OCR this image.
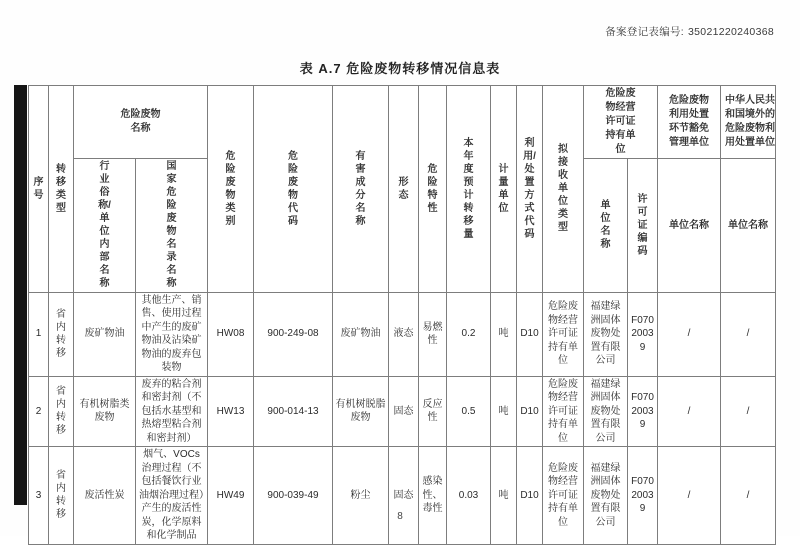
备案登记表编号: 35021220240368
表 A.7 危险废物转移情况信息表
序号	转移类型	危险废物名称		危险废物类别	危险废物代码	有害成分名称	形态	危险特性	本年度预计转移量	计量单位	利用/处置方式代码	拟接收单位类型	危险废物经营许可证持有单位		危险废物利用处置环节豁免管理单位	中华人民共和国境外的危险废物利用处置单位
		行业俗称/单位内部名称	国家危险废物名录名称										单位名称	许可证编码	单位名称	单位名称
1	省内转移	废矿物油	其他生产、销售、使用过程中产生的废矿物油及沾染矿物油的废弃包装物	HW08	900-249-08	废矿物油	液态	易燃性	0.2	吨	D10	危险废物经营许可证持有单位	福建绿洲固体废物处置有限公司	F07020039	/	/
2	省内转移	有机树脂类废物	废弃的粘合剂和密封剂（不包括水基型和热熔型粘合剂和密封剂）	HW13	900-014-13	有机树脱脂废物	固态	反应性	0.5	吨	D10	危险废物经营许可证持有单位	福建绿洲固体废物处置有限公司	F07020039	/	/
3	省内转移	废活性炭	烟气、VOCs 治理过程（不包括餐饮行业油烟治理过程）产生的废活性炭，化学原料和化学制品	HW49	900-039-49	粉尘	固态	感染性、毒性	0.03	吨	D10	危险废物经营许可证持有单位	福建绿洲固体废物处置有限公司	F07020039	/	/
8
